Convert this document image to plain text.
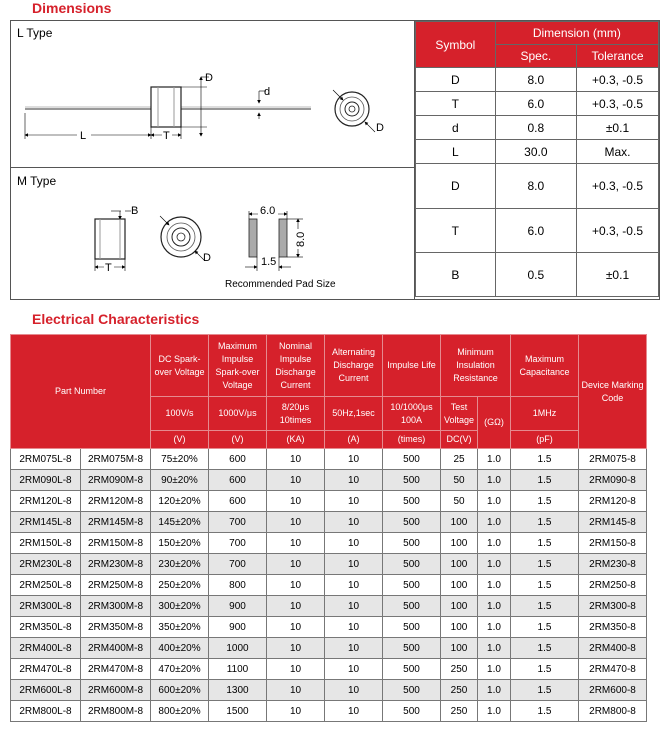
Dimensions
L Type
M Type
D
d
L	T
D
T
B
D
6.0
8.0
1.5
Recommended Pad Size
Symbol	Dimension (mm)	
	Spec.	Tolerance
D	8.0	+0.3, -0.5
T	6.0	+0.3, -0.5
d	0.8	±0.1
L	30.0	Max.
D	8.0	+0.3, -0.5
T	6.0	+0.3, -0.5
B	0.5	±0.1
Electrical Characteristics
Part Number		DC Spark-over Voltage	Maximum Impulse Spark-over Voltage	Nominal Impulse Discharge Current	Alternating Discharge Current	Impulse Life	Minimum Insulation Resistance		Maximum Capacitance	Device Marking Code
		100V/s	1000V/μs	8/20μs 10times	50Hz,1sec	10/1000μs 100A	Test Voltage	(GΩ)	1MHz	
		(V)	(V)	(KA)	(A)	(times)	DC(V)		(pF)	
2RM075L-8	2RM075M-8	75±20%	600	10	10	500	25	1.0	1.5	2RM075-8
2RM090L-8	2RM090M-8	90±20%	600	10	10	500	50	1.0	1.5	2RM090-8
2RM120L-8	2RM120M-8	120±20%	600	10	10	500	50	1.0	1.5	2RM120-8
2RM145L-8	2RM145M-8	145±20%	700	10	10	500	100	1.0	1.5	2RM145-8
2RM150L-8	2RM150M-8	150±20%	700	10	10	500	100	1.0	1.5	2RM150-8
2RM230L-8	2RM230M-8	230±20%	700	10	10	500	100	1.0	1.5	2RM230-8
2RM250L-8	2RM250M-8	250±20%	800	10	10	500	100	1.0	1.5	2RM250-8
2RM300L-8	2RM300M-8	300±20%	900	10	10	500	100	1.0	1.5	2RM300-8
2RM350L-8	2RM350M-8	350±20%	900	10	10	500	100	1.0	1.5	2RM350-8
2RM400L-8	2RM400M-8	400±20%	1000	10	10	500	100	1.0	1.5	2RM400-8
2RM470L-8	2RM470M-8	470±20%	1100	10	10	500	250	1.0	1.5	2RM470-8
2RM600L-8	2RM600M-8	600±20%	1300	10	10	500	250	1.0	1.5	2RM600-8
2RM800L-8	2RM800M-8	800±20%	1500	10	10	500	250	1.0	1.5	2RM800-8
